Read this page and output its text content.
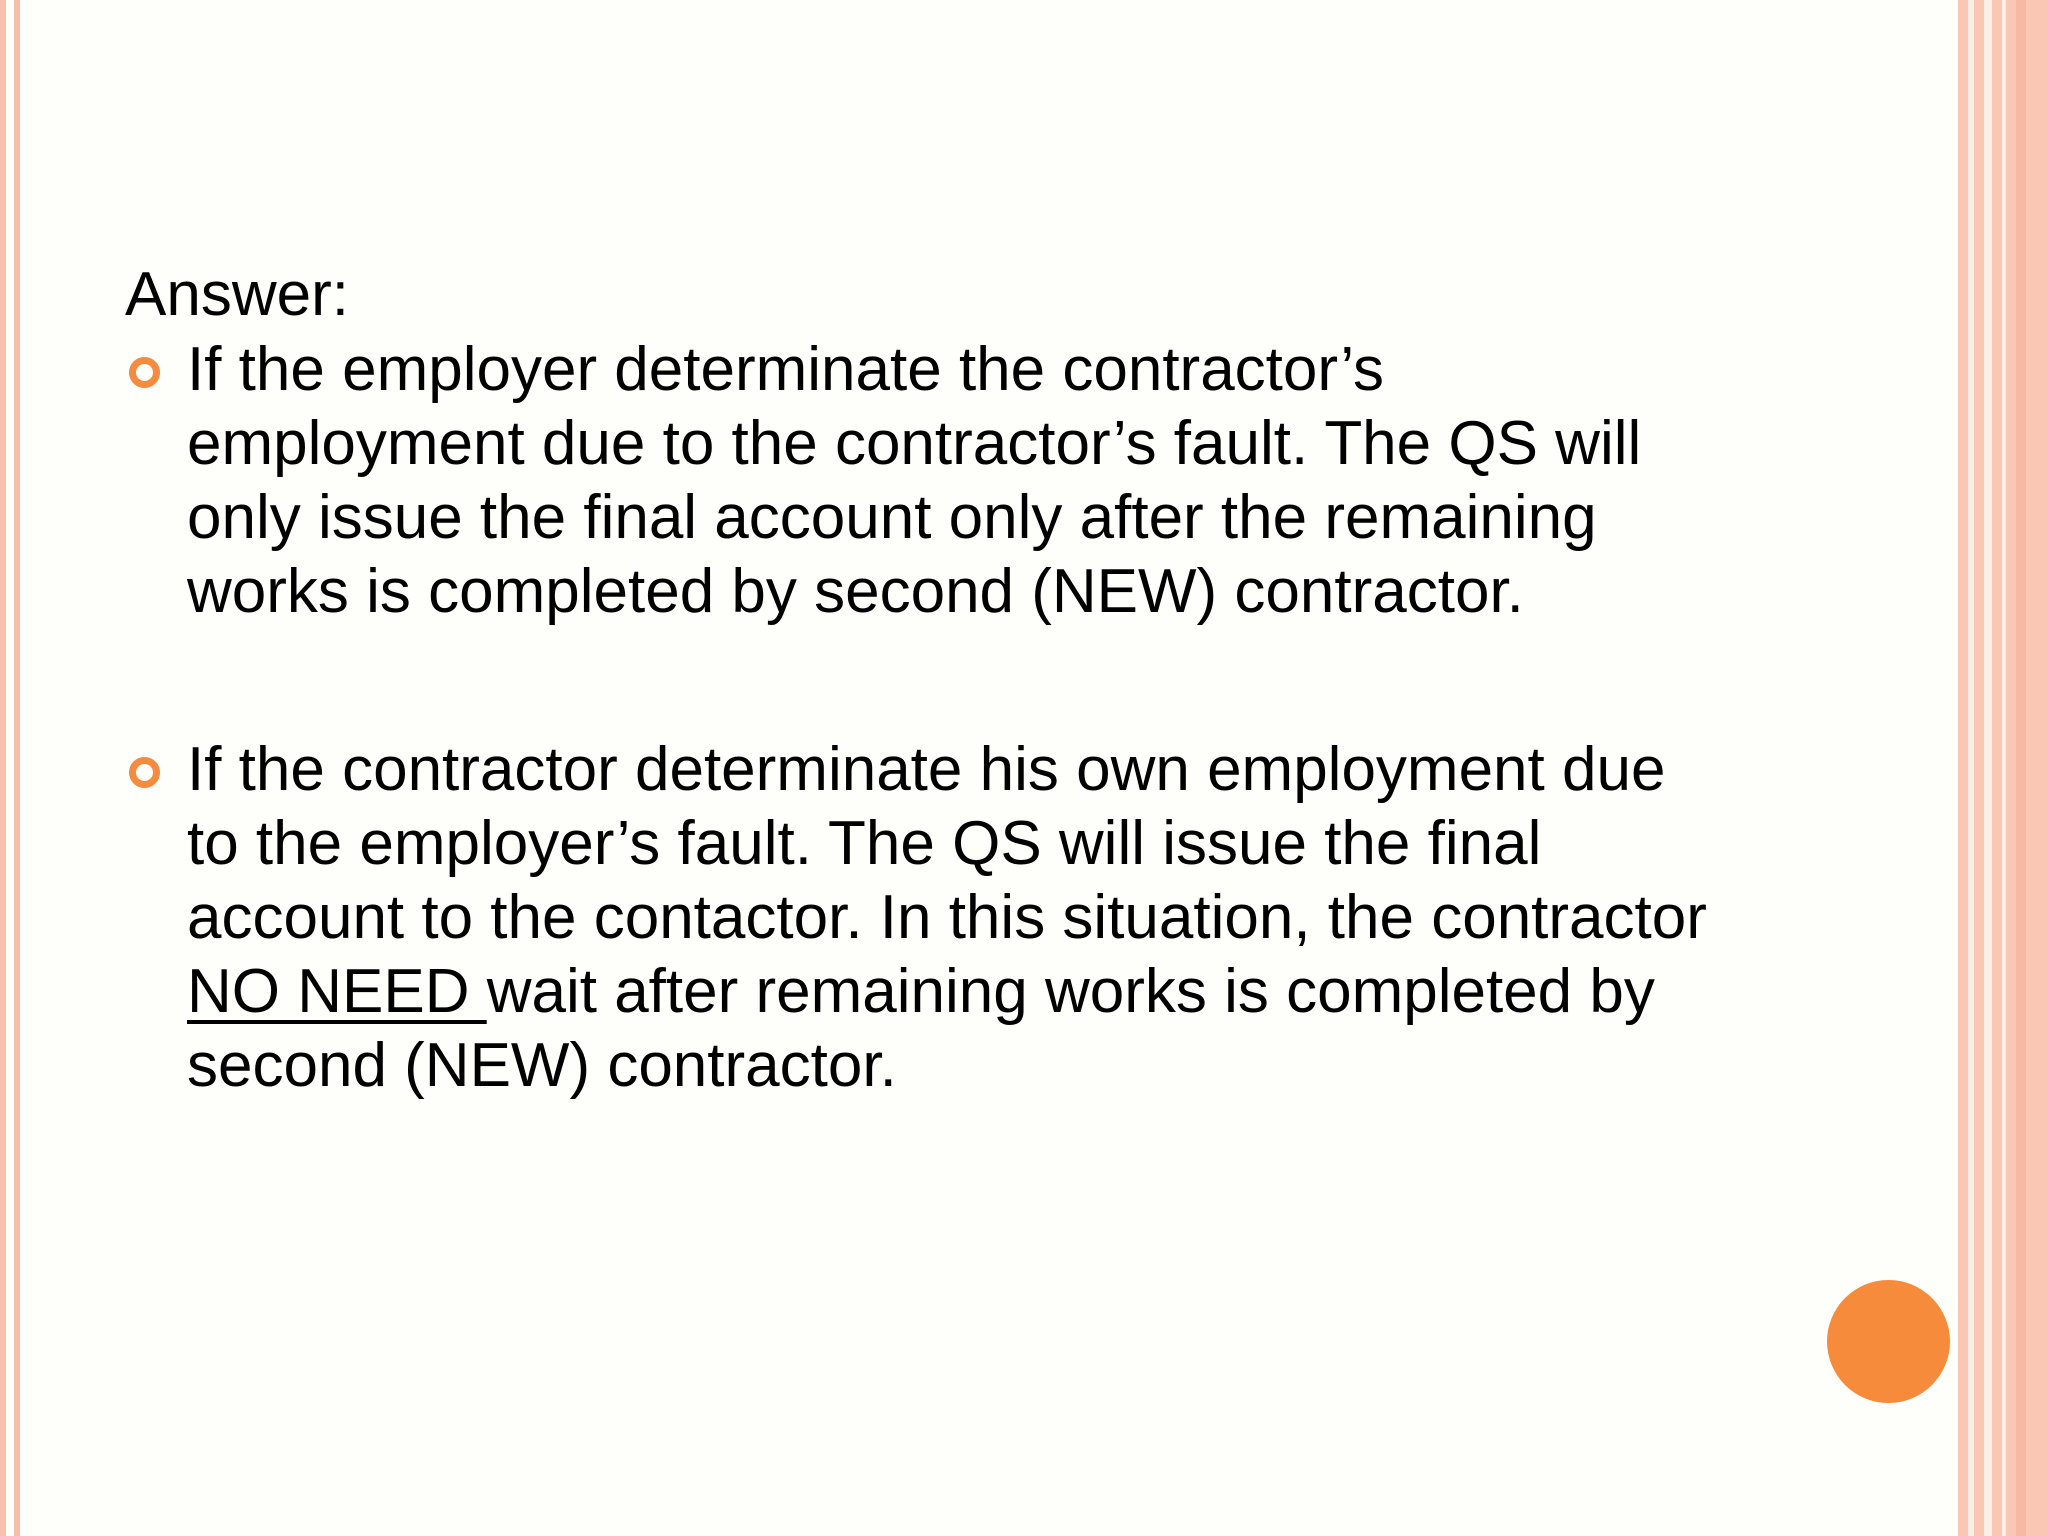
Answer:
If the employer determinate the contractor’s employment due to the contractor’s fault. The QS will only issue the final account only after the remaining works is completed by second (NEW) contractor.
If the contractor determinate his own employment due to the employer’s fault. The QS will issue the final account to the contactor. In this situation, the contractor NO NEED wait after remaining works is completed by second (NEW) contractor.
